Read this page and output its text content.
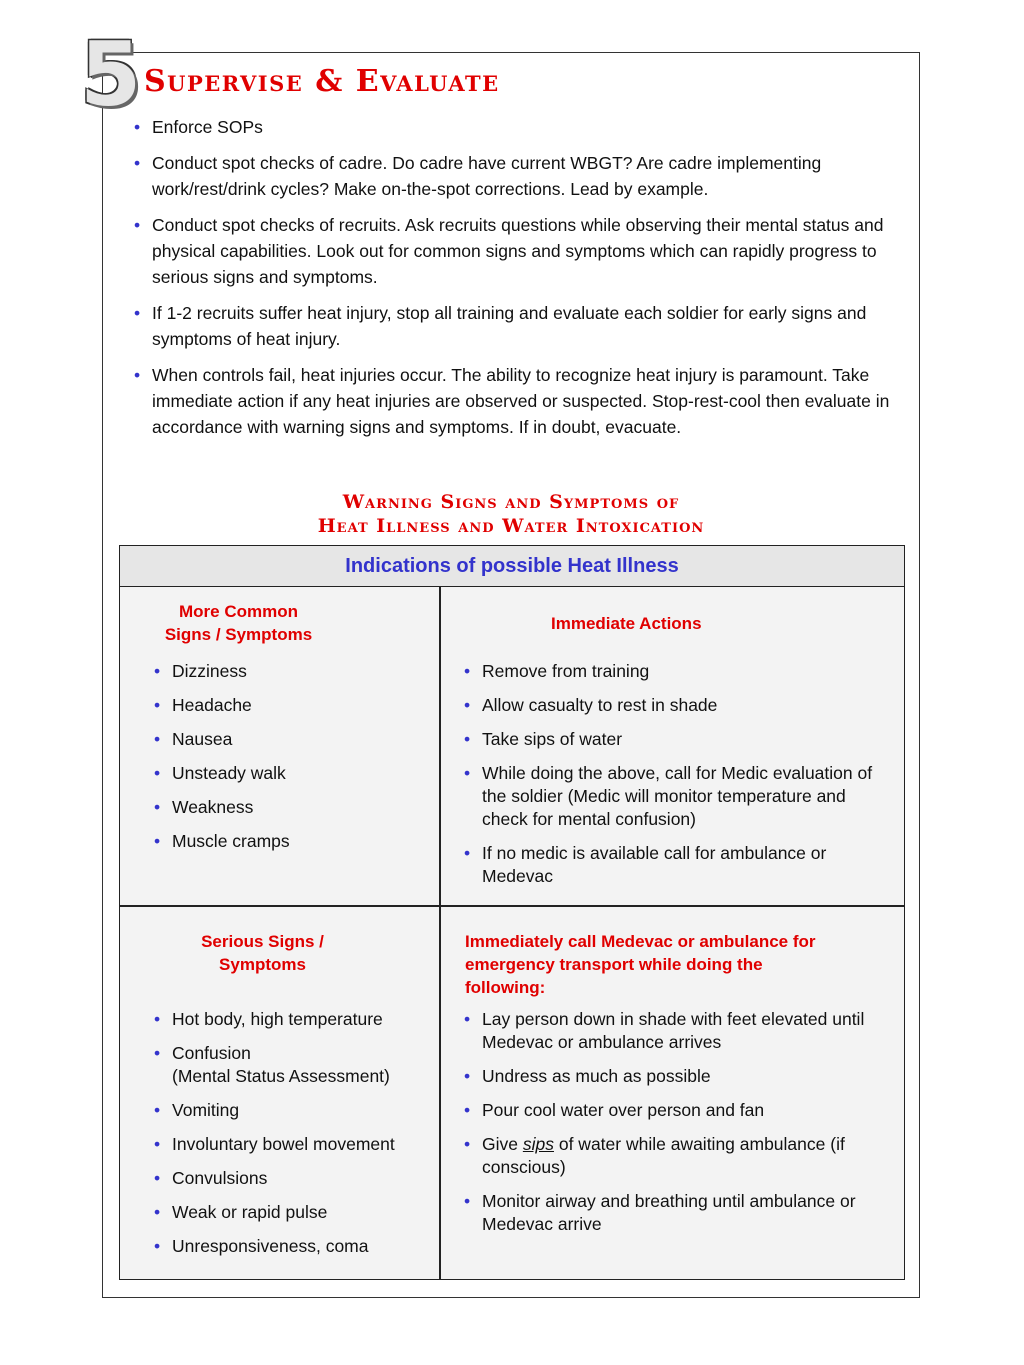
5 Supervise & Evaluate
• Enforce SOPs
• Conduct spot checks of cadre. Do cadre have current WBGT? Are cadre implementing work/rest/drink cycles? Make on-the-spot corrections. Lead by example.
• Conduct spot checks of recruits. Ask recruits questions while observing their mental status and physical capabilities. Look out for common signs and symptoms which can rapidly progress to serious signs and symptoms.
• If 1-2 recruits suffer heat injury, stop all training and evaluate each soldier for early signs and symptoms of heat injury.
• When controls fail, heat injuries occur. The ability to recognize heat injury is paramount. Take immediate action if any heat injuries are observed or suspected. Stop-rest-cool then evaluate in accordance with warning signs and symptoms. If in doubt, evacuate.
Warning Signs and Symptoms of
Heat Illness and Water Intoxication
Indications of possible Heat Illness
More Common
Signs / Symptoms
• Dizziness
• Headache
• Nausea
• Unsteady walk
• Weakness
• Muscle cramps
Immediate Actions
• Remove from training
• Allow casualty to rest in shade
• Take sips of water
• While doing the above, call for Medic evaluation of the soldier (Medic will monitor temperature and check for mental confusion)
• If no medic is available call for ambulance or Medevac
Serious Signs /
Symptoms
• Hot body, high temperature
• Confusion
(Mental Status Assessment)
• Vomiting
• Involuntary bowel movement
• Convulsions
• Weak or rapid pulse
• Unresponsiveness, coma
Immediately call Medevac or ambulance for emergency transport while doing the following:
• Lay person down in shade with feet elevated until Medevac or ambulance arrives
• Undress as much as possible
• Pour cool water over person and fan
• Give sips of water while awaiting ambulance (if conscious)
• Monitor airway and breathing until ambulance or Medevac arrive
